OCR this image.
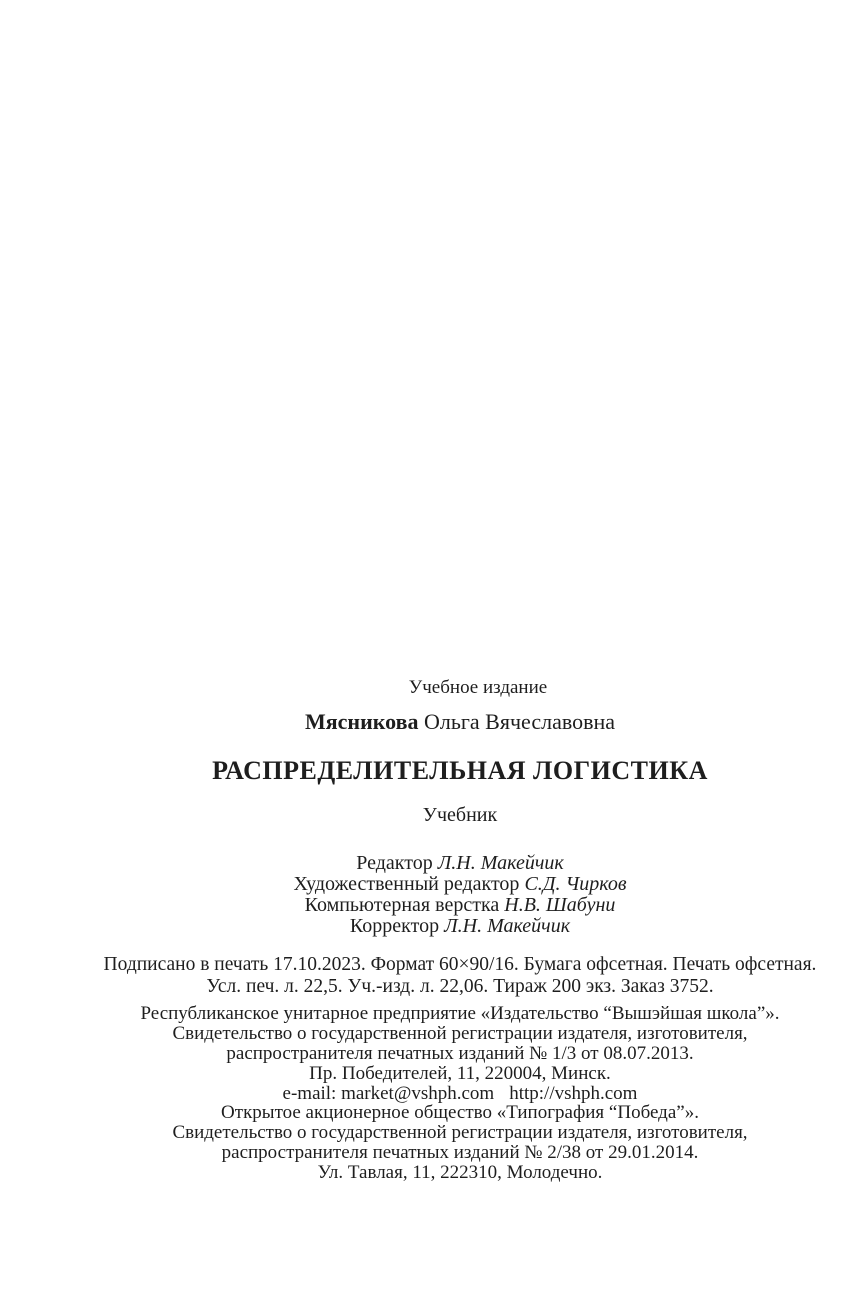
Учебное издание
Мясникова Ольга Вячеславовна
РАСПРЕДЕЛИТЕЛЬНАЯ ЛОГИСТИКА
Учебник
Редактор Л.Н. Макейчик
Художественный редактор С.Д. Чирков
Компьютерная верстка Н.В. Шабуни
Корректор Л.Н. Макейчик
Подписано в печать 17.10.2023. Формат 60×90/16. Бумага офсетная. Печать офсетная.
Усл. печ. л. 22,5. Уч.-изд. л. 22,06. Тираж 200 экз. Заказ 3752.
Республиканское унитарное предприятие «Издательство “Вышэйшая школа”».
Свидетельство о государственной регистрации издателя, изготовителя,
распространителя печатных изданий № 1/3 от 08.07.2013.
Пр. Победителей, 11, 220004, Минск.
e-mail: market@vshph.com http://vshph.com
Открытое акционерное общество «Типография “Победа”».
Свидетельство о государственной регистрации издателя, изготовителя,
распространителя печатных изданий № 2/38 от 29.01.2014.
Ул. Тавлая, 11, 222310, Молодечно.
